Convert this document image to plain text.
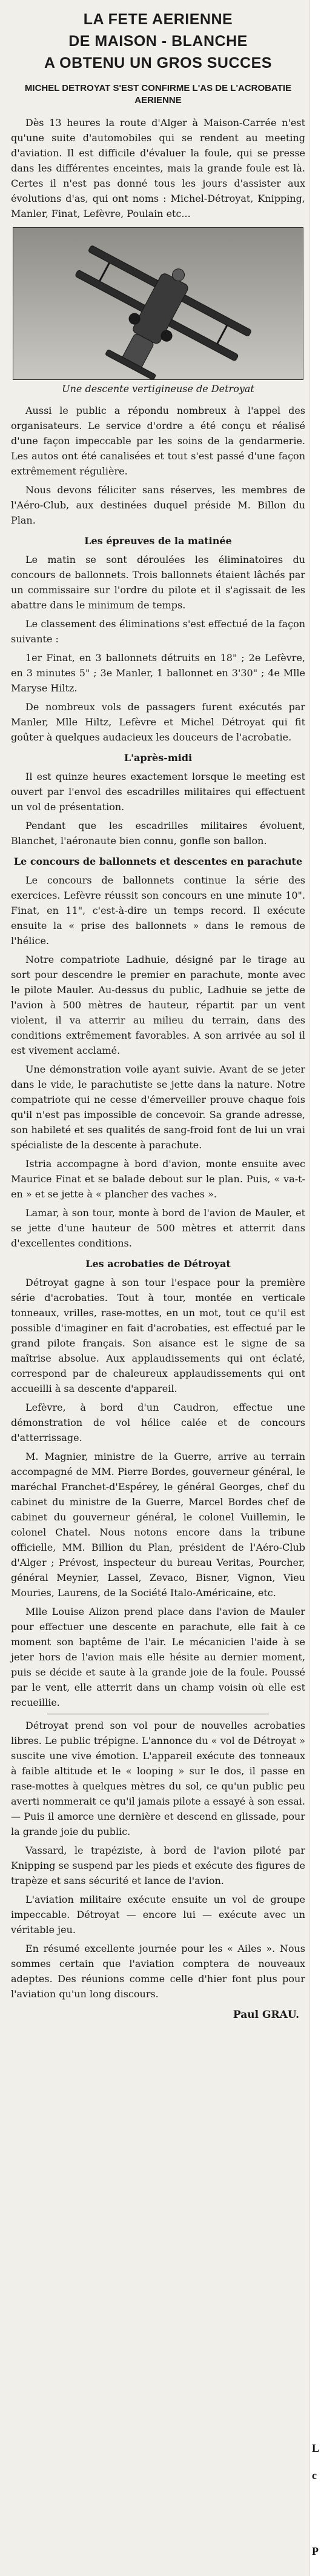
L
c
P
LA FETE AERIENNE
DE MAISON - BLANCHE
A OBTENU UN GROS SUCCES
MICHEL DETROYAT S'EST CONFIRME L'AS DE L'ACROBATIE AERIENNE

Dès 13 heures la route d'Alger à Maison-Carrée n'est qu'une suite d'automobiles qui se rendent au meeting d'aviation. Il est difficile d'évaluer la foule, qui se presse dans les différentes enceintes, mais la grande foule est là. Certes il n'est pas donné tous les jours d'assister aux évolutions d'as, qui ont noms : Michel-Détroyat, Knipping, Manler, Finat, Lefèvre, Poulain etc...

Une descente vertigineuse de Detroyat

Aussi le public a répondu nombreux à l'appel des organisateurs. Le service d'ordre a été conçu et réalisé d'une façon impeccable par les soins de la gendarmerie. Les autos ont été canalisées et tout s'est passé d'une façon extrêmement régulière.

Nous devons féliciter sans réserves, les membres de l'Aéro-Club, aux destinées duquel préside M. Billon du Plan.

Les épreuves de la matinée

Le matin se sont déroulées les éliminatoires du concours de ballonnets. Trois ballonnets étaient lâchés par un commissaire sur l'ordre du pilote et il s'agissait de les abattre dans le minimum de temps.

Le classement des éliminations s'est effectué de la façon suivante :

1er Finat, en 3 ballonnets détruits en 18" ; 2e Lefèvre, en 3 minutes 5" ; 3e Manler, 1 ballonnet en 3'30" ; 4e Mlle Maryse Hiltz.

De nombreux vols de passagers furent exécutés par Manler, Mlle Hiltz, Lefèvre et Michel Détroyat qui fit goûter à quelques audacieux les douceurs de l'acrobatie.

L'après-midi

Il est quinze heures exactement lorsque le meeting est ouvert par l'envol des escadrilles militaires qui effectuent un vol de présentation.

Pendant que les escadrilles militaires évoluent, Blanchet, l'aéronaute bien connu, gonfle son ballon.

Le concours de ballonnets et descentes en parachute

Le concours de ballonnets continue la série des exercices. Lefèvre réussit son concours en une minute 10". Finat, en 11", c'est-à-dire un temps record. Il exécute ensuite la « prise des ballonnets » dans le remous de l'hélice.

Notre compatriote Ladhuie, désigné par le tirage au sort pour descendre le premier en parachute, monte avec le pilote Mauler. Au-dessus du public, Ladhuie se jette de l'avion à 500 mètres de hauteur, répartit par un vent violent, il va atterrir au milieu du terrain, dans des conditions extrêmement favorables. A son arrivée au sol il est vivement acclamé.

Une démonstration voile ayant suivie. Avant de se jeter dans le vide, le parachutiste se jette dans la nature. Notre compatriote qui ne cesse d'émerveiller prouve chaque fois qu'il n'est pas impossible de concevoir. Sa grande adresse, son habileté et ses qualités de sang-froid font de lui un vrai spécialiste de la descente à parachute.

Istria accompagne à bord d'avion, monte ensuite avec Maurice Finat et se balade debout sur le plan. Puis, « va-t-en » et se jette à « plancher des vaches ».

Lamar, à son tour, monte à bord de l'avion de Mauler, et se jette d'une hauteur de 500 mètres et atterrit dans d'excellentes conditions.

Les acrobaties de Détroyat

Détroyat gagne à son tour l'espace pour la première série d'acrobaties. Tout à tour, montée en verticale tonneaux, vrilles, rase-mottes, en un mot, tout ce qu'il est possible d'imaginer en fait d'acrobaties, est effectué par le grand pilote français. Son aisance est le signe de sa maîtrise absolue. Aux applaudissements qui ont éclaté, correspond par de chaleureux applaudissements qui ont accueilli à sa descente d'appareil.

Lefèvre, à bord d'un Caudron, effectue une démonstration de vol hélice calée et de concours d'atterrissage.

M. Magnier, ministre de la Guerre, arrive au terrain accompagné de MM. Pierre Bordes, gouverneur général, le maréchal Franchet-d'Espérey, le général Georges, chef du cabinet du ministre de la Guerre, Marcel Bordes chef de cabinet du gouverneur général, le colonel Vuillemin, le colonel Chatel. Nous notons encore dans la tribune officielle, MM. Billion du Plan, président de l'Aéro-Club d'Alger ; Prévost, inspecteur du bureau Veritas, Pourcher, général Meynier, Lassel, Zevaco, Bisner, Vignon, Vieu Mouries, Laurens, de la Société Italo-Américaine, etc.

Mlle Louise Alizon prend place dans l'avion de Mauler pour effectuer une descente en parachute, elle fait à ce moment son baptême de l'air. Le mécanicien l'aide à se jeter hors de l'avion mais elle hésite au dernier moment, puis se décide et saute à la grande joie de la foule. Poussé par le vent, elle atterrit dans un champ voisin où elle est recueillie.

Détroyat prend son vol pour de nouvelles acrobaties libres. Le public trépigne. L'annonce du « vol de Détroyat » suscite une vive émotion. L'appareil exécute des tonneaux à faible altitude et le « looping » sur le dos, il passe en rase-mottes à quelques mètres du sol, ce qu'un public peu averti nommerait ce qu'il jamais pilote a essayé à son essai. — Puis il amorce une dernière et descend en glissade, pour la grande joie du public.

Vassard, le trapéziste, à bord de l'avion piloté par Knipping se suspend par les pieds et exécute des figures de trapèze et sans sécurité et lance de l'avion.

L'aviation militaire exécute ensuite un vol de groupe impeccable. Détroyat — encore lui — exécute avec un véritable jeu.

En résumé excellente journée pour les « Ailes ». Nous sommes certain que l'aviation comptera de nouveaux adeptes. Des réunions comme celle d'hier font plus pour l'aviation qu'un long discours.

Paul GRAU.
